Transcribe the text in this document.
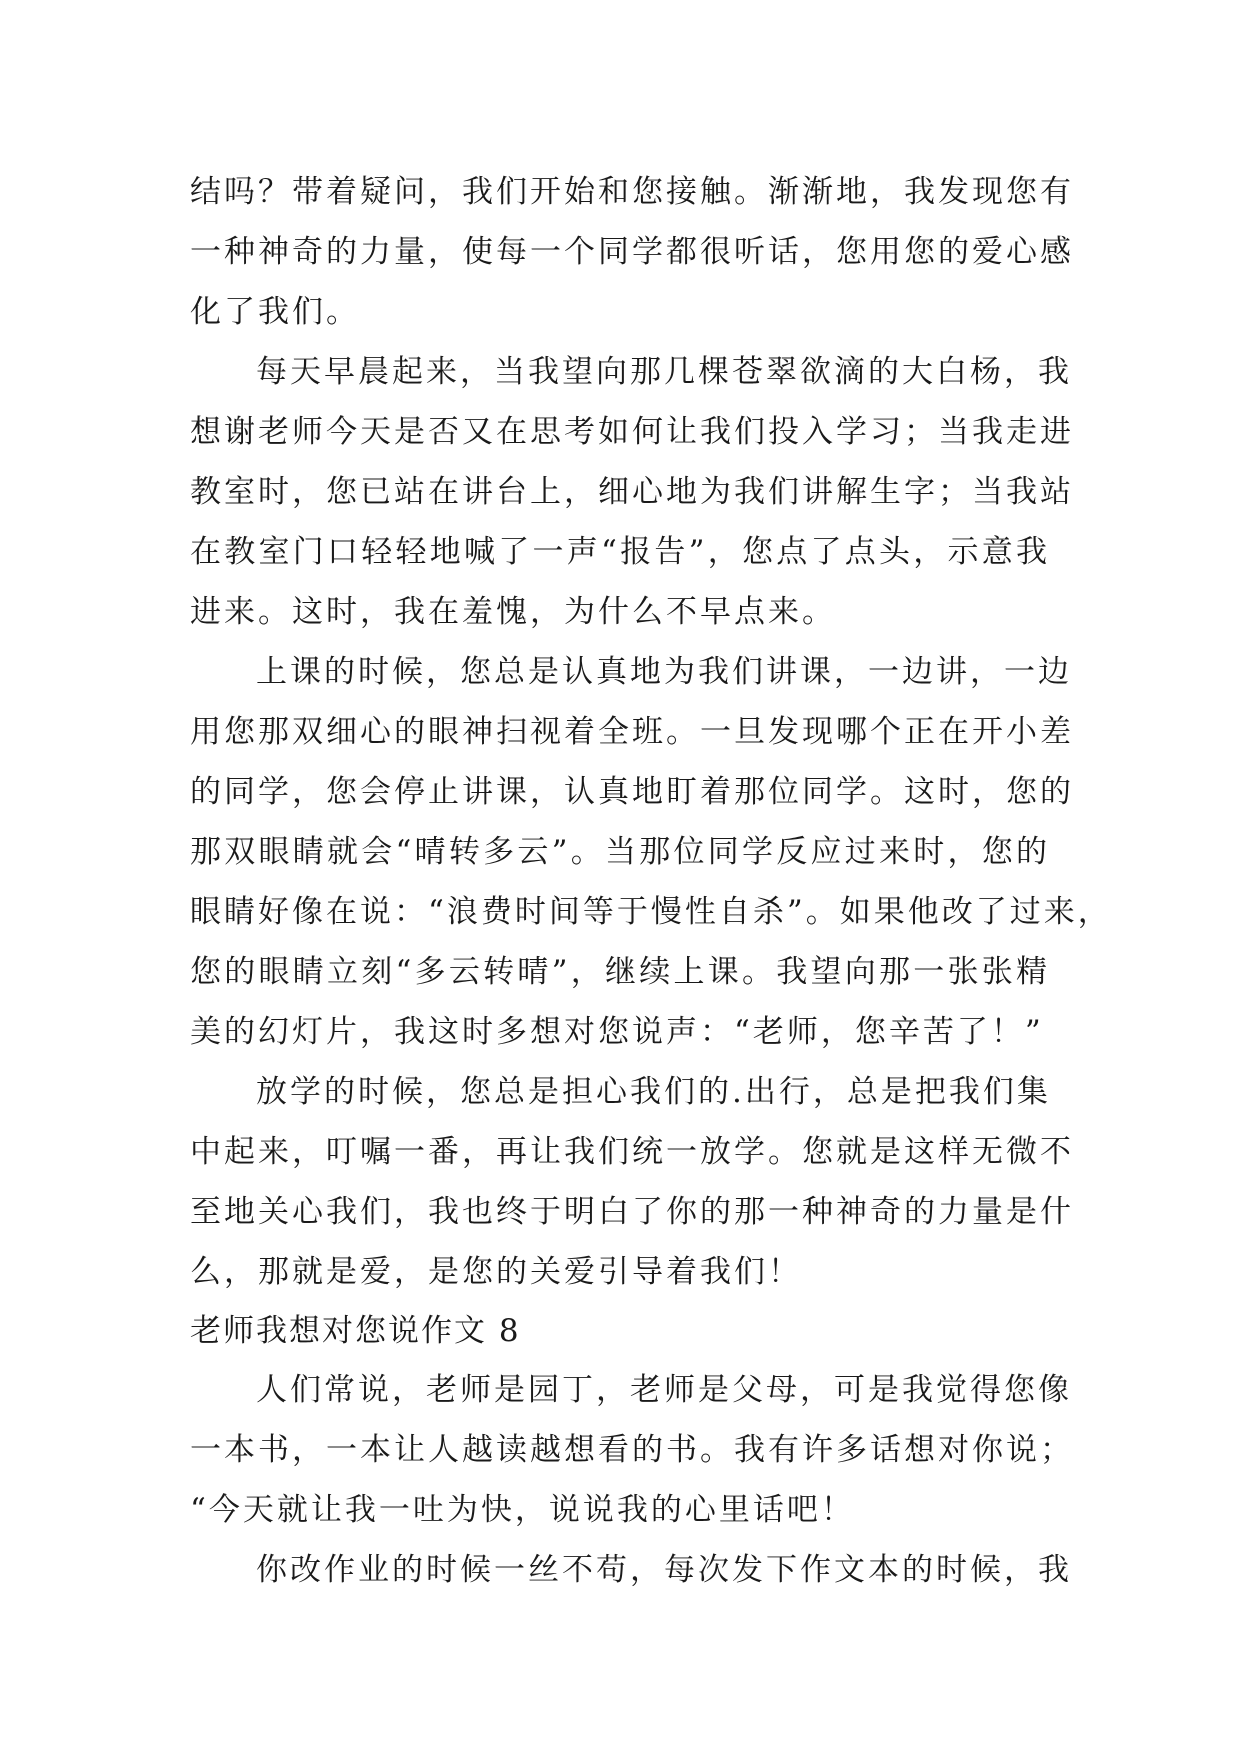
结吗？带着疑问，我们开始和您接触。渐渐地，我发现您有
一种神奇的力量，使每一个同学都很听话，您用您的爱心感
化了我们。
每天早晨起来，当我望向那几棵苍翠欲滴的大白杨，我
想谢老师今天是否又在思考如何让我们投入学习；当我走进
教室时，您已站在讲台上，细心地为我们讲解生字；当我站
在教室门口轻轻地喊了一声“报告”，您点了点头，示意我
进来。这时，我在羞愧，为什么不早点来。
上课的时候，您总是认真地为我们讲课，一边讲，一边
用您那双细心的眼神扫视着全班。一旦发现哪个正在开小差
的同学，您会停止讲课，认真地盯着那位同学。这时，您的
那双眼睛就会“晴转多云”。当那位同学反应过来时，您的
眼睛好像在说：“浪费时间等于慢性自杀”。如果他改了过来，
您的眼睛立刻“多云转晴”，继续上课。我望向那一张张精
美的幻灯片，我这时多想对您说声：“老师，您辛苦了！”
放学的时候，您总是担心我们的.出行，总是把我们集
中起来，叮嘱一番，再让我们统一放学。您就是这样无微不
至地关心我们，我也终于明白了你的那一种神奇的力量是什
么，那就是爱，是您的关爱引导着我们！
老师我想对您说作文 8
人们常说，老师是园丁，老师是父母，可是我觉得您像
一本书，一本让人越读越想看的书。我有许多话想对你说；
“今天就让我一吐为快，说说我的心里话吧！
你改作业的时候一丝不苟，每次发下作文本的时候，我
